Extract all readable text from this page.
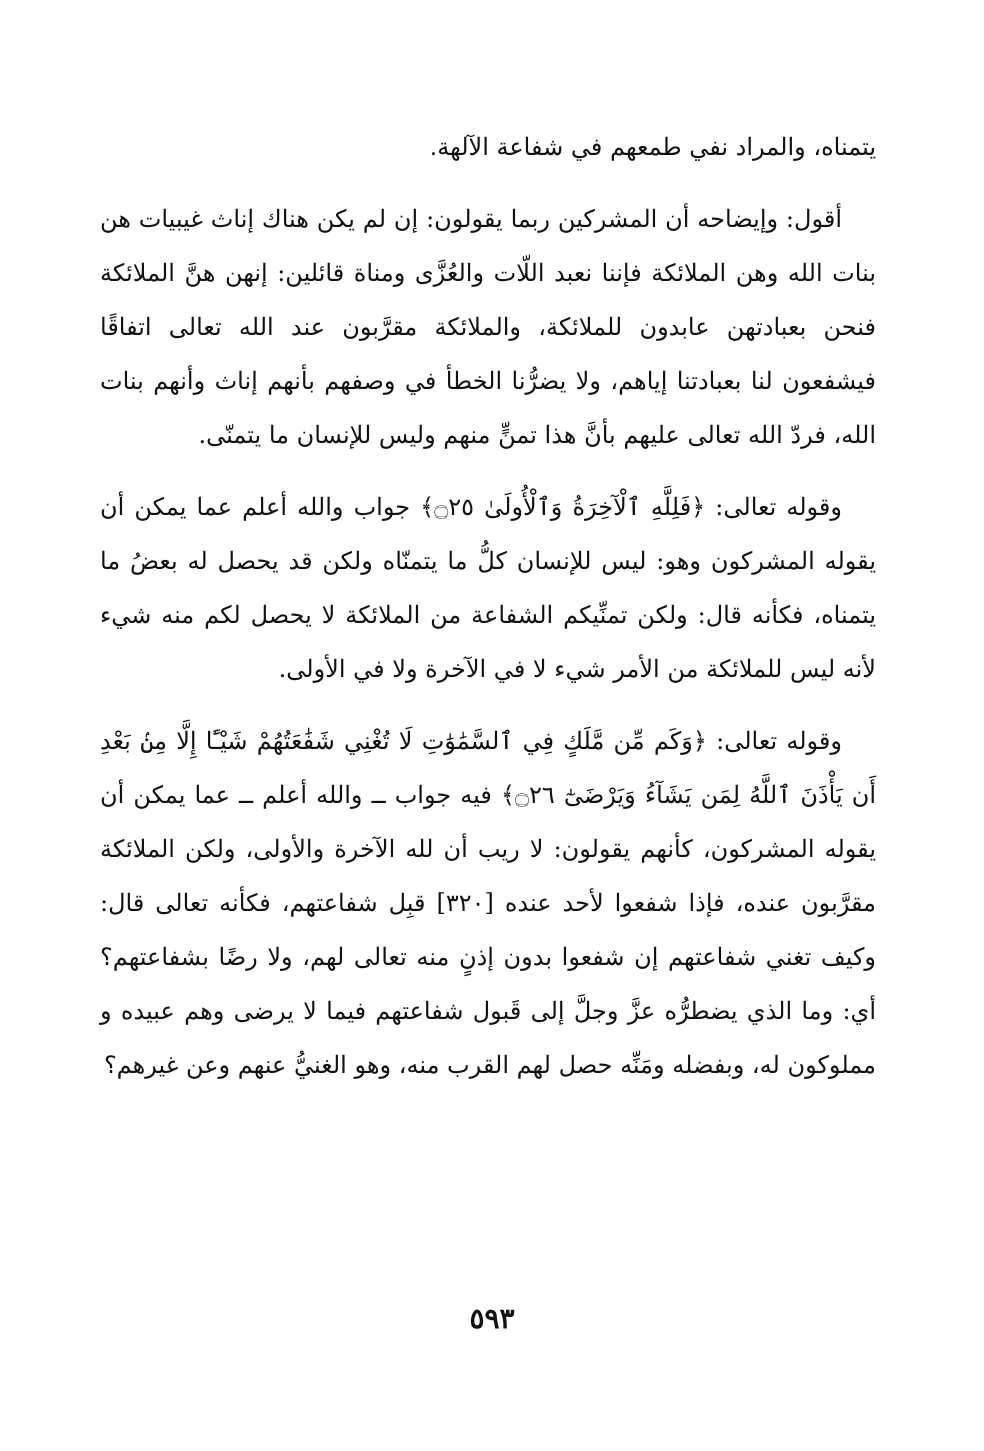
يتمناه، والمراد نفي طمعهم في شفاعة الآلهة.

أقول: وإيضاحه أن المشركين ربما يقولون: إن لم يكن هناك إناث غيبيات هن بنات الله وهن الملائكة فإننا نعبد اللّات والعُزَّى ومناة قائلين: إنهن هنَّ الملائكة فنحن بعبادتهن عابدون للملائكة، والملائكة مقرَّبون عند الله تعالى اتفاقًا فيشفعون لنا بعبادتنا إياهم، ولا يضرُّنا الخطأ في وصفهم بأنهم إناث وأنهم بنات الله، فردّ الله تعالى عليهم بأنَّ هذا تمنٍّ منهم وليس للإنسان ما يتمنّى.

وقوله تعالى: ﴿فَلِلَّهِ ٱلْآخِرَةُ وَٱلْأُولَىٰ ۝٢٥﴾ جواب والله أعلم عما يمكن أن يقوله المشركون وهو: ليس للإنسان كلُّ ما يتمنّاه ولكن قد يحصل له بعضُ ما يتمناه، فكأنه قال: ولكن تمنِّيكم الشفاعة من الملائكة لا يحصل لكم منه شيء لأنه ليس للملائكة من الأمر شيء لا في الآخرة ولا في الأولى.

وقوله تعالى: ﴿وَكَم مِّن مَّلَكٍ فِي ٱلسَّمَٰوَٰتِ لَا تُغْنِي شَفَٰعَتُهُمْ شَيْـًٔا إِلَّا مِنۢ بَعْدِ أَن يَأْذَنَ ٱللَّهُ لِمَن يَشَآءُ وَيَرْضَىٰٓ ۝٢٦﴾ فيه جواب ــ والله أعلم ــ عما يمكن أن يقوله المشركون، كأنهم يقولون: لا ريب أن لله الآخرة والأولى، ولكن الملائكة مقرَّبون عنده، فإذا شفعوا لأحد عنده [٣٢٠] قبِل شفاعتهم، فكأنه تعالى قال: وكيف تغني شفاعتهم إن شفعوا بدون إذنٍ منه تعالى لهم، ولا رضًا بشفاعتهم؟ أي: وما الذي يضطرُّه عزَّ وجلَّ إلى قَبول شفاعتهم فيما لا يرضى وهم عبيده و مملوكون له، وبفضله ومَنِّه حصل لهم القرب منه، وهو الغنيُّ عنهم وعن غيرهم؟

٥٩٣
